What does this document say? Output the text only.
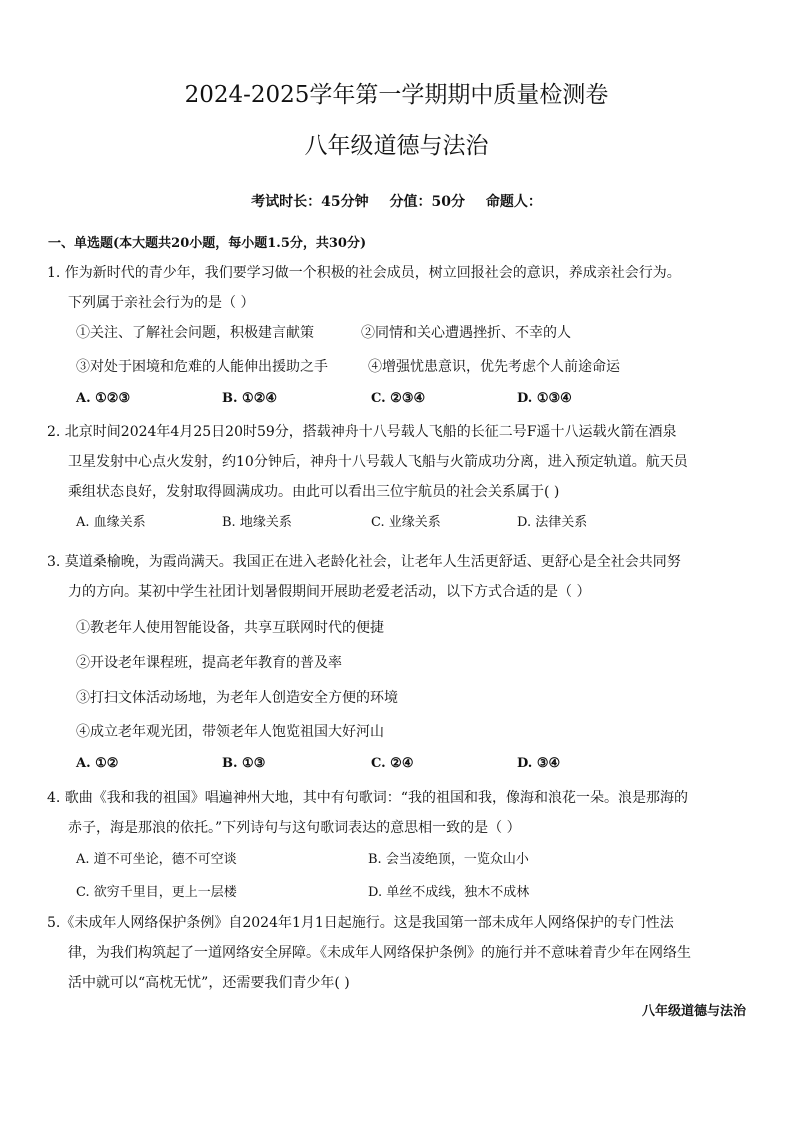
2024-2025学年第一学期期中质量检测卷
八年级道德与法治
考试时长：45分钟 分值：50分 命题人：
一、单选题(本大题共20小题，每小题1.5分，共30分)
1. 作为新时代的青少年，我们要学习做一个积极的社会成员，树立回报社会的意识，养成亲社会行为。
下列属于亲社会行为的是（ ）
①关注、了解社会问题，积极建言献策	②同情和关心遭遇挫折、不幸的人
③对处于困境和危难的人能伸出援助之手	④增强忧患意识，优先考虑个人前途命运
A. ①②③	B. ①②④	C. ②③④	D. ①③④
2. 北京时间2024年4月25日20时59分，搭载神舟十八号载人飞船的长征二号F遥十八运载火箭在酒泉
卫星发射中心点火发射，约10分钟后，神舟十八号载人飞船与火箭成功分离，进入预定轨道。航天员
乘组状态良好，发射取得圆满成功。由此可以看出三位宇航员的社会关系属于( )
A. 血缘关系	B. 地缘关系	C. 业缘关系	D. 法律关系
3. 莫道桑榆晚，为霞尚满天。我国正在进入老龄化社会，让老年人生活更舒适、更舒心是全社会共同努
力的方向。某初中学生社团计划暑假期间开展助老爱老活动，以下方式合适的是（ ）
①教老年人使用智能设备，共享互联网时代的便捷
②开设老年课程班，提高老年教育的普及率
③打扫文体活动场地，为老年人创造安全方便的环境
④成立老年观光团，带领老年人饱览祖国大好河山
A. ①②	B. ①③	C. ②④	D. ③④
4. 歌曲《我和我的祖国》唱遍神州大地，其中有句歌词：“我的祖国和我，像海和浪花一朵。浪是那海的
赤子，海是那浪的依托。”下列诗句与这句歌词表达的意思相一致的是（ ）
A. 道不可坐论，德不可空谈	B. 会当凌绝顶，一览众山小
C. 欲穷千里目，更上一层楼	D. 单丝不成线，独木不成林
5.《未成年人网络保护条例》自2024年1月1日起施行。这是我国第一部未成年人网络保护的专门性法
律，为我们构筑起了一道网络安全屏障。《未成年人网络保护条例》的施行并不意味着青少年在网络生
活中就可以“高枕无忧”，还需要我们青少年( )
八年级道德与法治
